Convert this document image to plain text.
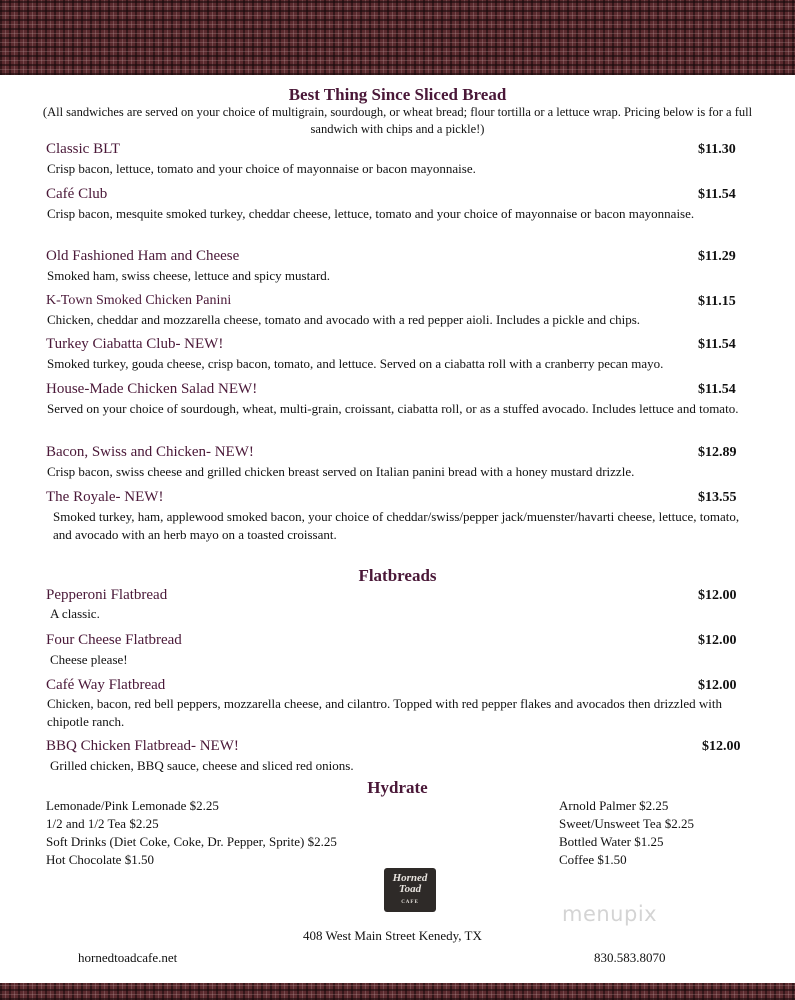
Best Thing Since Sliced Bread
(All sandwiches are served on your choice of multigrain, sourdough, or wheat bread; flour tortilla or a lettuce wrap. Pricing below is for a full sandwich with chips and a pickle!)
Classic BLT	$11.30
Crisp bacon, lettuce, tomato and your choice of mayonnaise or bacon mayonnaise.
Café Club	$11.54
Crisp bacon, mesquite smoked turkey, cheddar cheese, lettuce, tomato and your choice of mayonnaise or bacon mayonnaise.
Old Fashioned Ham and Cheese	$11.29
Smoked ham, swiss cheese, lettuce and spicy mustard.
K-Town Smoked Chicken Panini	$11.15
Chicken, cheddar and mozzarella cheese, tomato and avocado with a red pepper aioli. Includes a pickle and chips.
Turkey Ciabatta Club- NEW!	$11.54
Smoked turkey, gouda cheese, crisp bacon, tomato, and lettuce. Served on a ciabatta roll with a cranberry pecan mayo.
House-Made Chicken Salad NEW!	$11.54
Served on your choice of sourdough, wheat, multi-grain, croissant, ciabatta roll, or as a stuffed avocado. Includes lettuce and tomato.
Bacon, Swiss and Chicken- NEW!	$12.89
Crisp bacon, swiss cheese and grilled chicken breast served on Italian panini bread with a honey mustard drizzle.
The Royale- NEW!	$13.55
Smoked turkey, ham, applewood smoked bacon, your choice of cheddar/swiss/pepper jack/muenster/havarti cheese, lettuce, tomato, and avocado with an herb mayo on a toasted croissant.
Flatbreads
Pepperoni Flatbread	$12.00
A classic.
Four Cheese Flatbread	$12.00
Cheese please!
Café Way Flatbread	$12.00
Chicken, bacon, red bell peppers, mozzarella cheese, and cilantro. Topped with red pepper flakes and avocados then drizzled with chipotle ranch.
BBQ Chicken Flatbread- NEW!	$12.00
Grilled chicken, BBQ sauce, cheese and sliced red onions.
Hydrate
Lemonade/Pink Lemonade $2.25
1/2 and 1/2 Tea $2.25
Soft Drinks (Diet Coke, Coke, Dr. Pepper, Sprite) $2.25
Hot Chocolate $1.50
Arnold Palmer $2.25
Sweet/Unsweet Tea $2.25
Bottled Water $1.25
Coffee $1.50
Horned
Toad
CAFE	menupix
408 West Main Street Kenedy, TX
hornedtoadcafe.net	830.583.8070
